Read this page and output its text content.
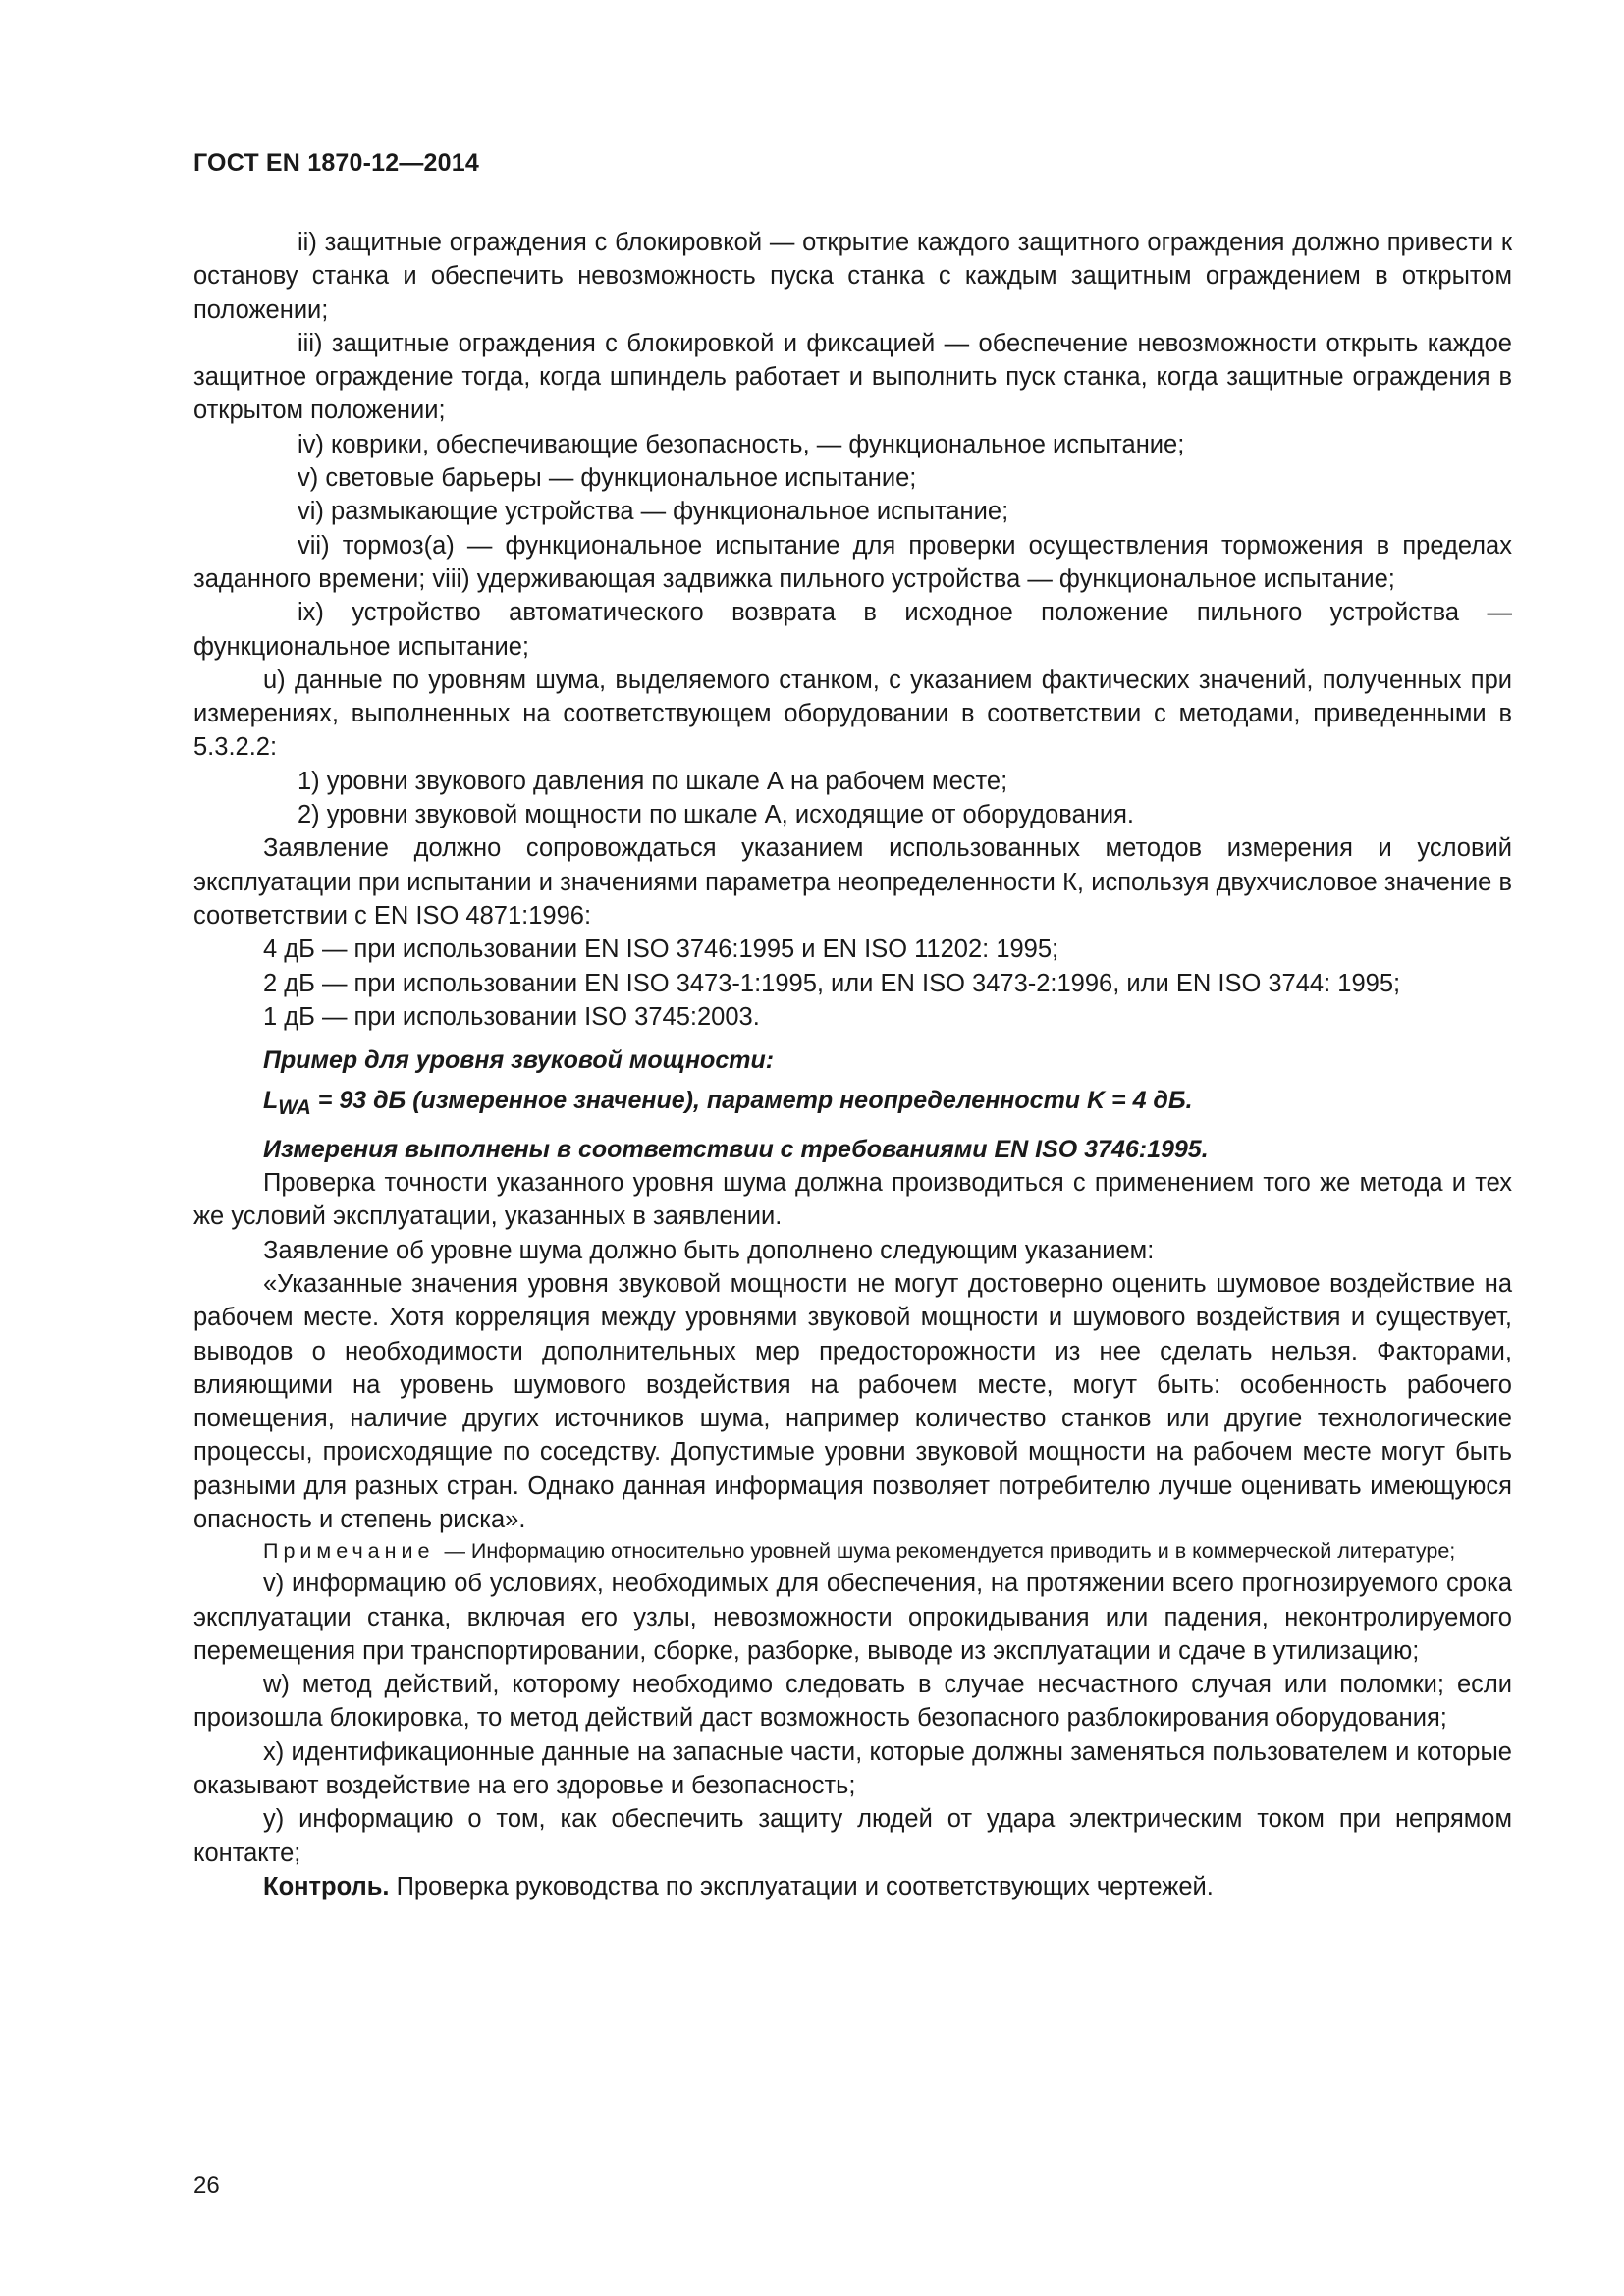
ГОСТ EN 1870-12—2014

ii) защитные ограждения с блокировкой — открытие каждого защитного ограждения должно привести к останову станка и обеспечить невозможность пуска станка с каждым защитным ограждением в открытом положении;

iii) защитные ограждения с блокировкой и фиксацией — обеспечение невозможности открыть каждое защитное ограждение тогда, когда шпиндель работает и выполнить пуск станка, когда защитные ограждения в открытом положении;

iv) коврики, обеспечивающие безопасность, — функциональное испытание;

v) световые барьеры — функциональное испытание;

vi) размыкающие устройства — функциональное испытание;

vii) тормоз(а) — функциональное испытание для проверки осуществления торможения в пределах заданного времени; viii) удерживающая задвижка пильного устройства — функциональное испытание;

ix) устройство автоматического возврата в исходное положение пильного устройства — функциональное испытание;

u) данные по уровням шума, выделяемого станком, с указанием фактических значений, полученных при измерениях, выполненных на соответствующем оборудовании в соответствии с методами, приведенными в 5.3.2.2:

1) уровни звукового давления по шкале А на рабочем месте;

2) уровни звуковой мощности по шкале А, исходящие от оборудования.

Заявление должно сопровождаться указанием использованных методов измерения и условий эксплуатации при испытании и значениями параметра неопределенности К, используя двухчисловое значение в соответствии с EN ISO 4871:1996:

4 дБ — при использовании EN ISO 3746:1995 и EN ISO 11202: 1995;

2 дБ — при использовании EN ISO 3473-1:1995, или EN ISO 3473-2:1996, или EN ISO 3744: 1995;

1 дБ — при использовании ISO 3745:2003.

Пример для уровня звуковой мощности:

$L_{WA} = 93$ дБ (измеренное значение), параметр неопределенности K = 4 дБ.

Измерения выполнены в соответствии с требованиями EN ISO 3746:1995.

Проверка точности указанного уровня шума должна производиться с применением того же метода и тех же условий эксплуатации, указанных в заявлении.

Заявление об уровне шума должно быть дополнено следующим указанием:

«Указанные значения уровня звуковой мощности не могут достоверно оценить шумовое воздействие на рабочем месте. Хотя корреляция между уровнями звуковой мощности и шумового воздействия и существует, выводов о необходимости дополнительных мер предосторожности из нее сделать нельзя. Факторами, влияющими на уровень шумового воздействия на рабочем месте, могут быть: особенность рабочего помещения, наличие других источников шума, например количество станков или другие технологические процессы, происходящие по соседству. Допустимые уровни звуковой мощности на рабочем месте могут быть разными для разных стран. Однако данная информация позволяет потребителю лучше оценивать имеющуюся опасность и степень риска».

Примечание — Информацию относительно уровней шума рекомендуется приводить и в коммерческой литературе;

v) информацию об условиях, необходимых для обеспечения, на протяжении всего прогнозируемого срока эксплуатации станка, включая его узлы, невозможности опрокидывания или падения, неконтролируемого перемещения при транспортировании, сборке, разборке, выводе из эксплуатации и сдаче в утилизацию;

w) метод действий, которому необходимо следовать в случае несчастного случая или поломки; если произошла блокировка, то метод действий даст возможность безопасного разблокирования оборудования;

x) идентификационные данные на запасные части, которые должны заменяться пользователем и которые оказывают воздействие на его здоровье и безопасность;

y) информацию о том, как обеспечить защиту людей от удара электрическим током при непрямом контакте;

Контроль. Проверка руководства по эксплуатации и соответствующих чертежей.

26
